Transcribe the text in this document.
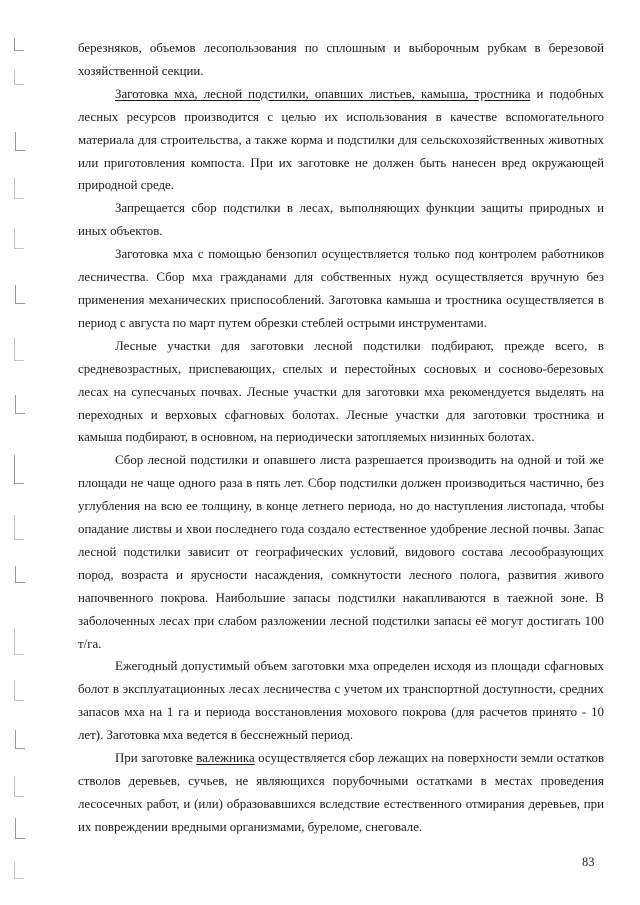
березняков, объемов лесопользования по сплошным и выборочным рубкам в березовой хозяйственной секции.

Заготовка мха, лесной подстилки, опавших листьев, камыша, тростника и подобных лесных ресурсов производится с целью их использования в качестве вспомогательного материала для строительства, а также корма и подстилки для сельскохозяйственных животных или приготовления компоста. При их заготовке не должен быть нанесен вред окружающей природной среде.

Запрещается сбор подстилки в лесах, выполняющих функции защиты природных и иных объектов.

Заготовка мха с помощью бензопил осуществляется только под контролем работников лесничества. Сбор мха гражданами для собственных нужд осуществляется вручную без применения механических приспособлений. Заготовка камыша и тростника осуществляется в период с августа по март путем обрезки стеблей острыми инструментами.

Лесные участки для заготовки лесной подстилки подбирают, прежде всего, в средневозрастных, приспевающих, спелых и перестойных сосновых и сосново-березовых лесах на супесчаных почвах. Лесные участки для заготовки мха рекомендуется выделять на переходных и верховых сфагновых болотах. Лесные участки для заготовки тростника и камыша подбирают, в основном, на периодически затопляемых низинных болотах.

Сбор лесной подстилки и опавшего листа разрешается производить на одной и той же площади не чаще одного раза в пять лет. Сбор подстилки должен производиться частично, без углубления на всю ее толщину, в конце летнего периода, но до наступления листопада, чтобы опадание листвы и хвои последнего года создало естественное удобрение лесной почвы. Запас лесной подстилки зависит от географических условий, видового состава лесообразующих пород, возраста и ярусности насаждения, сомкнутости лесного полога, развития живого напочвенного покрова. Наибольшие запасы подстилки накапливаются в таежной зоне. В заболоченных лесах при слабом разложении лесной подстилки запасы её могут достигать 100 т/га.

Ежегодный допустимый объем заготовки мха определен исходя из площади сфагновых болот в эксплуатационных лесах лесничества с учетом их транспортной доступности, средних запасов мха на 1 га и периода восстановления мохового покрова (для расчетов принято - 10 лет). Заготовка мха ведется в бесснежный период.

При заготовке валежника осуществляется сбор лежащих на поверхности земли остатков стволов деревьев, сучьев, не являющихся порубочными остатками в местах проведения лесосечных работ, и (или) образовавшихся вследствие естественного отмирания деревьев, при их повреждении вредными организмами, буреломе, снеговале.

83
